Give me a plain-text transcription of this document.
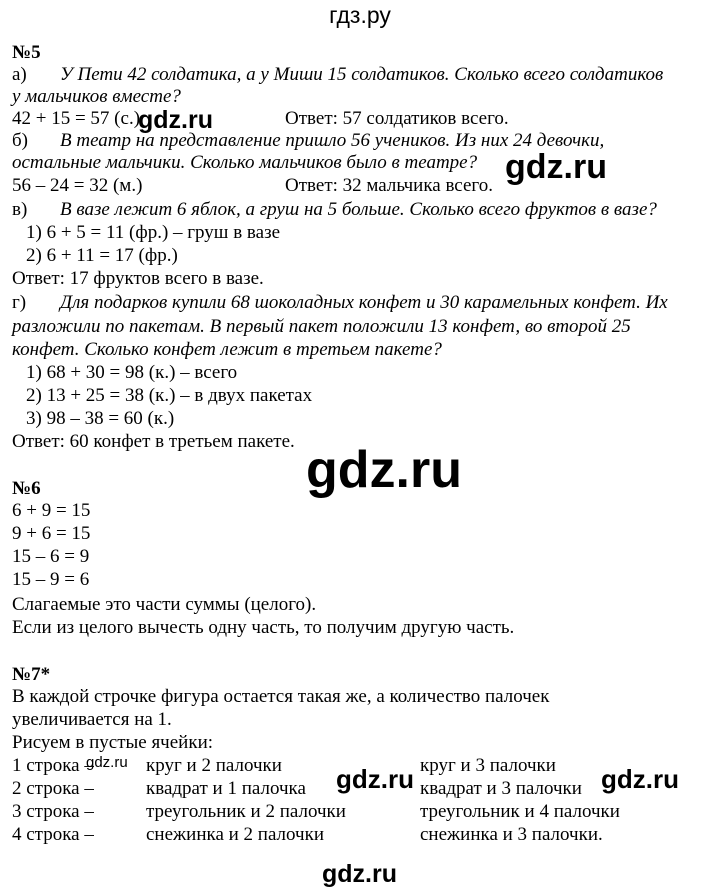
гдз.ру
№5
а) У Пети 42 солдатика, а у Миши 15 солдатиков. Сколько всего солдатиков
у мальчиков вместе?
42 + 15 = 57 (с.)	Ответ: 57 солдатиков всего.
б) В театр на представление пришло 56 учеников. Из них 24 девочки,
остальные мальчики. Сколько мальчиков было в театре?
56 – 24 = 32 (м.)	Ответ: 32 мальчика всего.
в) В вазе лежит 6 яблок, а груш на 5 больше. Сколько всего фруктов в вазе?
1) 6 + 5 = 11 (фр.) – груш в вазе
2) 6 + 11 = 17 (фр.)
Ответ: 17 фруктов всего в вазе.
г) Для подарков купили 68 шоколадных конфет и 30 карамельных конфет. Их
разложили по пакетам. В первый пакет положили 13 конфет, во второй 25
конфет. Сколько конфет лежит в третьем пакете?
1) 68 + 30 = 98 (к.) – всего
2) 13 + 25 = 38 (к.) – в двух пакетах
3) 98 – 38 = 60 (к.)
Ответ: 60 конфет в третьем пакете.
№6
6 + 9 = 15
9 + 6 = 15
15 – 6 = 9
15 – 9 = 6
Слагаемые это части суммы (целого).
Если из целого вычесть одну часть, то получим другую часть.
№7*
В каждой строчке фигура остается такая же, а количество палочек
увеличивается на 1.
Рисуем в пустые ячейки:
1 строка –	круг и 2 палочки	круг и 3 палочки
2 строка –	квадрат и 1 палочка	квадрат и 3 палочки
3 строка –	треугольник и 2 палочки	треугольник и 4 палочки
4 строка –	снежинка и 2 палочки	снежинка и 3 палочки.
gdz.ru
gdz.ru
gdz.ru
gdz.ru
gdz.ru	gdz.ru
gdz.ru
